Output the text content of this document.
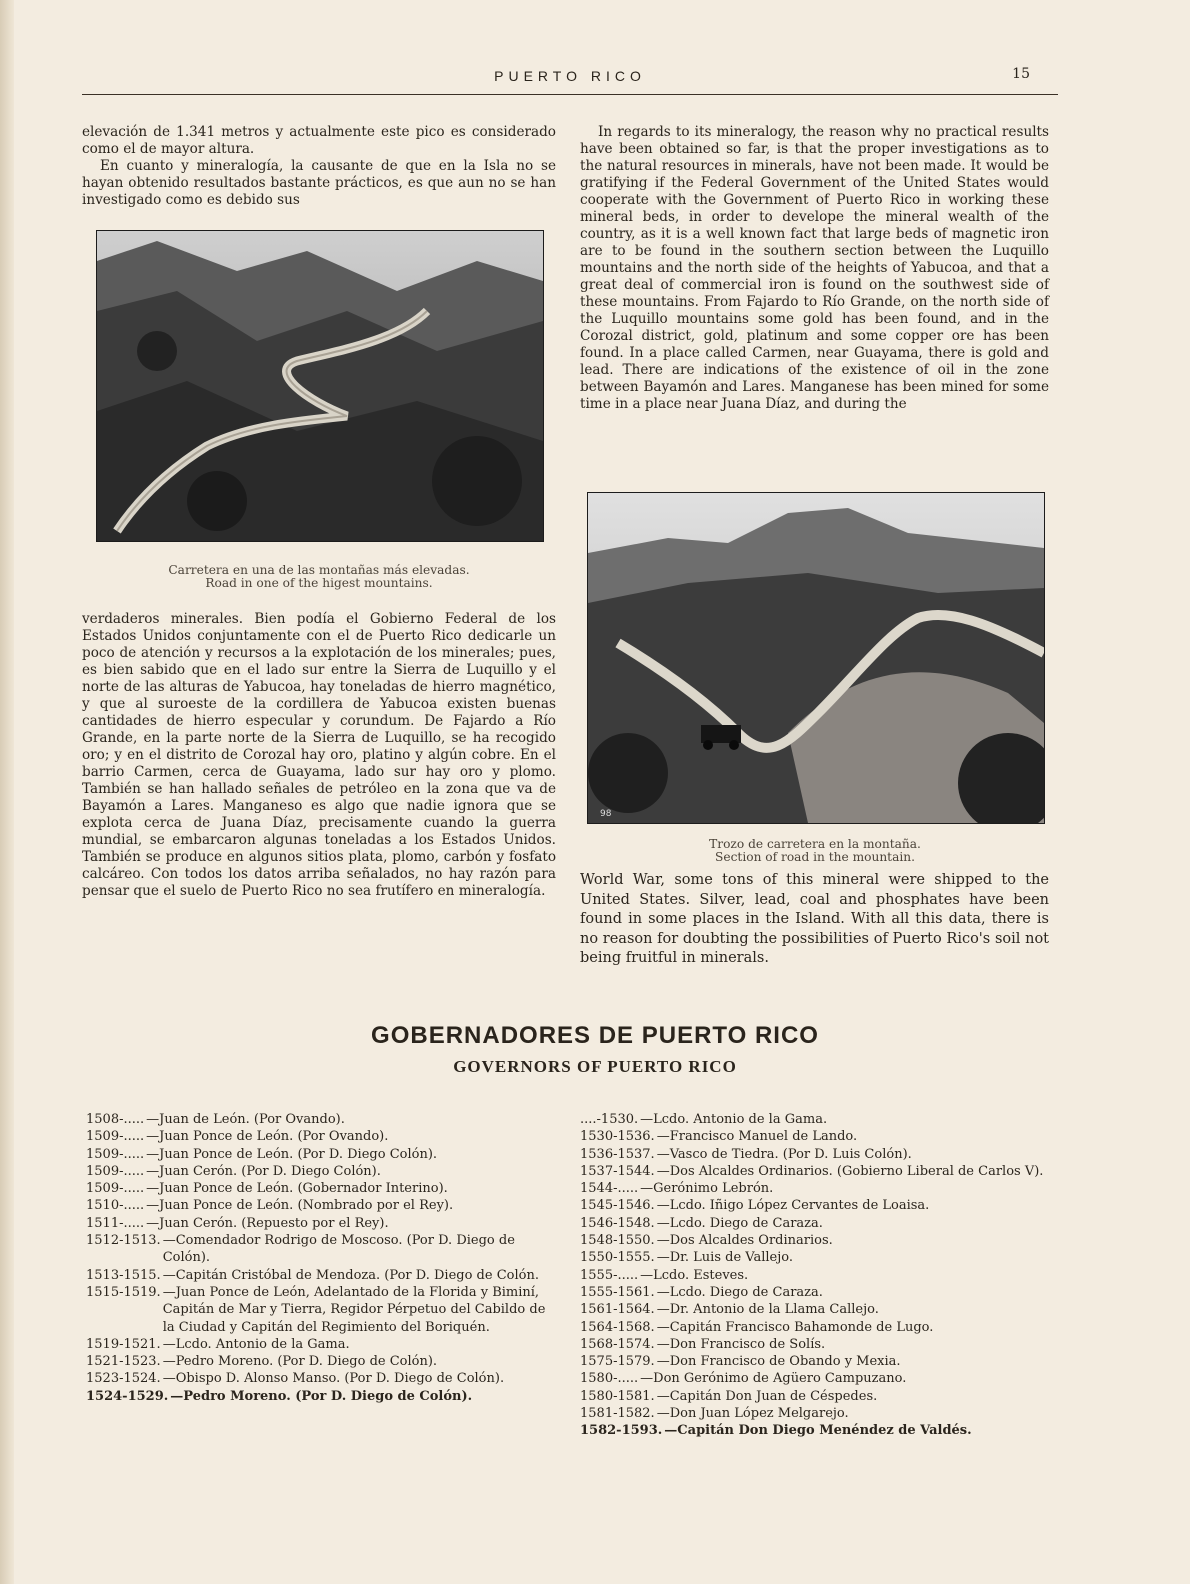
PUERTO RICO	15

elevación de 1.341 metros y actualmente este pico es considerado como el de mayor altura.

En cuanto y mineralogía, la causante de que en la Isla no se hayan obtenido resultados bastante prácticos, es que aun no se han investigado como es debido sus

Carretera en una de las montañas más elevadas.
Road in one of the higest mountains.

verdaderos minerales. Bien podía el Gobierno Federal de los Estados Unidos conjuntamente con el de Puerto Rico dedicarle un poco de atención y recursos a la explotación de los minerales; pues, es bien sabido que en el lado sur entre la Sierra de Luquillo y el norte de las alturas de Yabucoa, hay toneladas de hierro magnético, y que al suroeste de la cordillera de Yabucoa existen buenas cantidades de hierro especular y corundum. De Fajardo a Río Grande, en la parte norte de la Sierra de Luquillo, se ha recogido oro; y en el distrito de Corozal hay oro, platino y algún cobre. En el barrio Carmen, cerca de Guayama, lado sur hay oro y plomo. También se han hallado señales de petróleo en la zona que va de Bayamón a Lares. Manganeso es algo que nadie ignora que se explota cerca de Juana Díaz, precisamente cuando la guerra mundial, se embarcaron algunas toneladas a los Estados Unidos. También se produce en algunos sitios plata, plomo, carbón y fosfato calcáreo. Con todos los datos arriba señalados, no hay razón para pensar que el suelo de Puerto Rico no sea frutífero en mineralogía.

In regards to its mineralogy, the reason why no practical results have been obtained so far, is that the proper investigations as to the natural resources in minerals, have not been made. It would be gratifying if the Federal Government of the United States would cooperate with the Government of Puerto Rico in working these mineral beds, in order to develope the mineral wealth of the country, as it is a well known fact that large beds of magnetic iron are to be found in the southern section between the Luquillo mountains and the north side of the heights of Yabucoa, and that a great deal of commercial iron is found on the southwest side of these mountains. From Fajardo to Río Grande, on the north side of the Luquillo mountains some gold has been found, and in the Corozal district, gold, platinum and some copper ore has been found. In a place called Carmen, near Guayama, there is gold and lead. There are indications of the existence of oil in the zone between Bayamón and Lares. Manganese has been mined for some time in a place near Juana Díaz, and during the

98
Trozo de carretera en la montaña.
Section of road in the mountain.

World War, some tons of this mineral were shipped to the United States. Silver, lead, coal and phosphates have been found in some places in the Island. With all this data, there is no reason for doubting the possibilities of Puerto Rico's soil not being fruitful in minerals.

GOBERNADORES DE PUERTO RICO
GOVERNORS OF PUERTO RICO
1508-..... —Juan de León. (Por Ovando).
1509-..... —Juan Ponce de León. (Por Ovando).
1509-..... —Juan Ponce de León. (Por D. Diego Colón).
1509-..... —Juan Cerón. (Por D. Diego Colón).
1509-..... —Juan Ponce de León. (Gobernador Interino).
1510-..... —Juan Ponce de León. (Nombrado por el Rey).
1511-..... —Juan Cerón. (Repuesto por el Rey).
1512-1513. —Comendador Rodrigo de Moscoso. (Por D. Diego de Colón).
1513-1515. —Capitán Cristóbal de Mendoza. (Por D. Diego de Colón.
1515-1519. —Juan Ponce de León, Adelantado de la Florida y Biminí, Capitán de Mar y Tierra, Regidor Pérpetuo del Cabildo de la Ciudad y Capitán del Regimiento del Boriquén.
1519-1521. —Lcdo. Antonio de la Gama.
1521-1523. —Pedro Moreno. (Por D. Diego de Colón).
1523-1524. —Obispo D. Alonso Manso. (Por D. Diego de Colón).
1524-1529. —Pedro Moreno. (Por D. Diego de Colón).
....-1530. —Lcdo. Antonio de la Gama.
1530-1536. —Francisco Manuel de Lando.
1536-1537. —Vasco de Tiedra. (Por D. Luis Colón).
1537-1544. —Dos Alcaldes Ordinarios. (Gobierno Liberal de Carlos V).
1544-..... —Gerónimo Lebrón.
1545-1546. —Lcdo. Iñigo López Cervantes de Loaisa.
1546-1548. —Lcdo. Diego de Caraza.
1548-1550. —Dos Alcaldes Ordinarios.
1550-1555. —Dr. Luis de Vallejo.
1555-..... —Lcdo. Esteves.
1555-1561. —Lcdo. Diego de Caraza.
1561-1564. —Dr. Antonio de la Llama Callejo.
1564-1568. —Capitán Francisco Bahamonde de Lugo.
1568-1574. —Don Francisco de Solís.
1575-1579. —Don Francisco de Obando y Mexia.
1580-..... —Don Gerónimo de Agüero Campuzano.
1580-1581. —Capitán Don Juan de Céspedes.
1581-1582. —Don Juan López Melgarejo.
1582-1593. —Capitán Don Diego Menéndez de Valdés.
